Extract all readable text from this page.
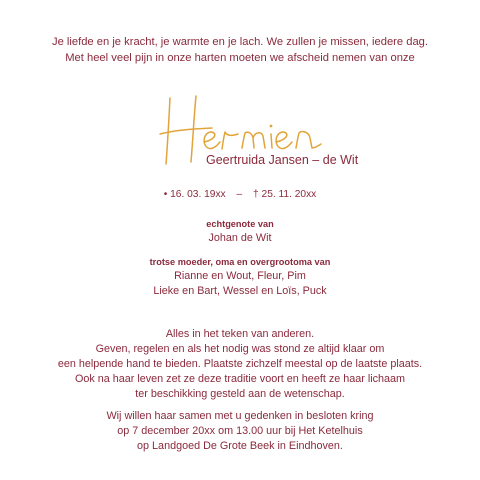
Je liefde en je kracht, je warmte en je lach. We zullen je missen, iedere dag.
Met heel veel pijn in onze harten moeten we afscheid nemen van onze
Geertruida Jansen – de Wit
• 16. 03. 19xx – † 25. 11. 20xx
echtgenote van
Johan de Wit
trotse moeder, oma en overgrootoma van
Rianne en Wout, Fleur, Pim
Lieke en Bart, Wessel en Loïs, Puck
Alles in het teken van anderen.
Geven, regelen en als het nodig was stond ze altijd klaar om
een helpende hand te bieden. Plaatste zichzelf meestal op de laatste plaats.
Ook na haar leven zet ze deze traditie voort en heeft ze haar lichaam
ter beschikking gesteld aan de wetenschap.
Wij willen haar samen met u gedenken in besloten kring
op 7 december 20xx om 13.00 uur bij Het Ketelhuis
op Landgoed De Grote Beek in Eindhoven.
